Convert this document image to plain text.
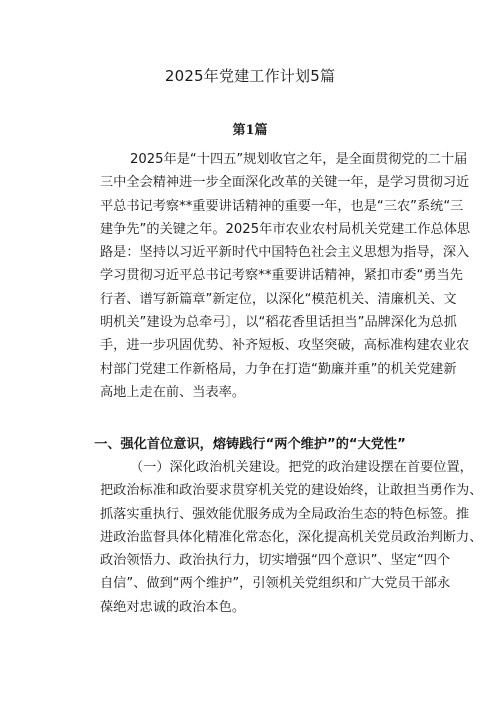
2025年党建工作计划5篇
第1篇
2025年是“十四五”规划收官之年，是全面贯彻党的二十届
三中全会精神进一步全面深化改革的关键一年，是学习贯彻习近
平总书记考察**重要讲话精神的重要一年，也是“三农”系统“三
建争先”的关键之年。2025年市农业农村局机关党建工作总体思
路是：坚持以习近平新时代中国特色社会主义思想为指导，深入
学习贯彻习近平总书记考察**重要讲话精神，紧扣市委“勇当先
行者、谱写新篇章”新定位，以深化“模范机关、清廉机关、文
明机关”建设为总牵弓〕，以“稻花香里话担当”品牌深化为总抓
手，进一步巩固优势、补齐短板、攻坚突破，高标准构建农业农
村部门党建工作新格局，力争在打造“勤廉并重”的机关党建新
高地上走在前、当表率。
一、强化首位意识，熔铸践行“两个维护”的“大党性”
（一）深化政治机关建设。把党的政治建设摆在首要位置，
把政治标准和政治要求贯穿机关党的建设始终，让敢担当勇作为、
抓落实重执行、强效能优服务成为全局政治生态的特色标签。推
进政治监督具体化精准化常态化，深化提高机关党员政治判断力、
政治领悟力、政治执行力，切实增强“四个意识”、坚定“四个
自信”、做到“两个维护”，引领机关党组织和广大党员干部永
葆绝对忠诚的政治本色。
